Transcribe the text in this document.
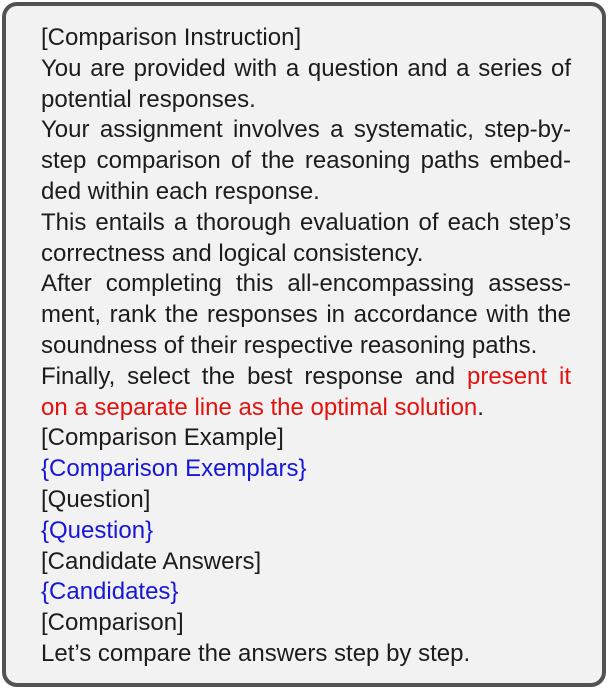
[Comparison Instruction]
You are provided with a question and a series of
potential responses.
Your assignment involves a systematic, step-by-
step comparison of the reasoning paths embed-
ded within each response.
This entails a thorough evaluation of each step’s
correctness and logical consistency.
After completing this all-encompassing assess-
ment, rank the responses in accordance with the
soundness of their respective reasoning paths.
Finally, select the best response and present it
on a separate line as the optimal solution.
[Comparison Example]
{Comparison Exemplars}
[Question]
{Question}
[Candidate Answers]
{Candidates}
[Comparison]
Let’s compare the answers step by step.
